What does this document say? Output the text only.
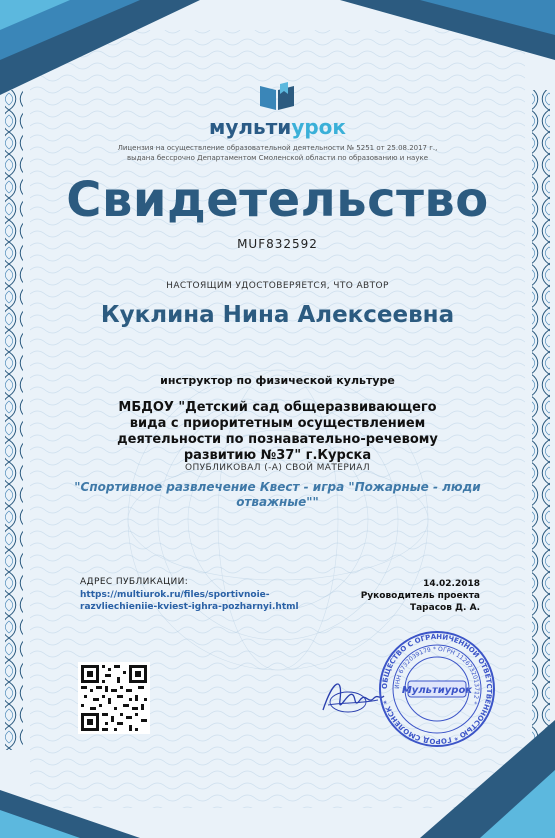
мультиурок
Лицензия на осуществление образовательной деятельности № 5251 от 25.08.2017 г.,
выдана бессрочно Департаментом Смоленской области по образованию и науке
Свидетельство
MUF832592
НАСТОЯЩИМ УДОСТОВЕРЯЕТСЯ, ЧТО АВТОР
Куклина Нина Алексеевна
инструктор по физической культуре
МБДОУ "Детский сад общеразвивающего вида с приоритетным осуществлением деятельности по познавательно-речевому развитию №37" г.Курска
ОПУБЛИКОВАЛ (-А) СВОЙ МАТЕРИАЛ
"Спортивное развлечение Квест - игра "Пожарные - люди отважные""
АДРЕС ПУБЛИКАЦИИ:
https://multiurok.ru/files/sportivnoie-
razvliechieniie-kviest-ighra-pozharnyi.html
14.02.2018
Руководитель проекта
Тарасов Д. А.
ОБЩЕСТВО С ОГРАНИЧЕННОЙ ОТВЕТСТВЕННОСТЬЮ * ГОРОД СМОЛЕНСК *
ИНН 6732039179 * ОГРН 1126732013712 *
Мультиурок
